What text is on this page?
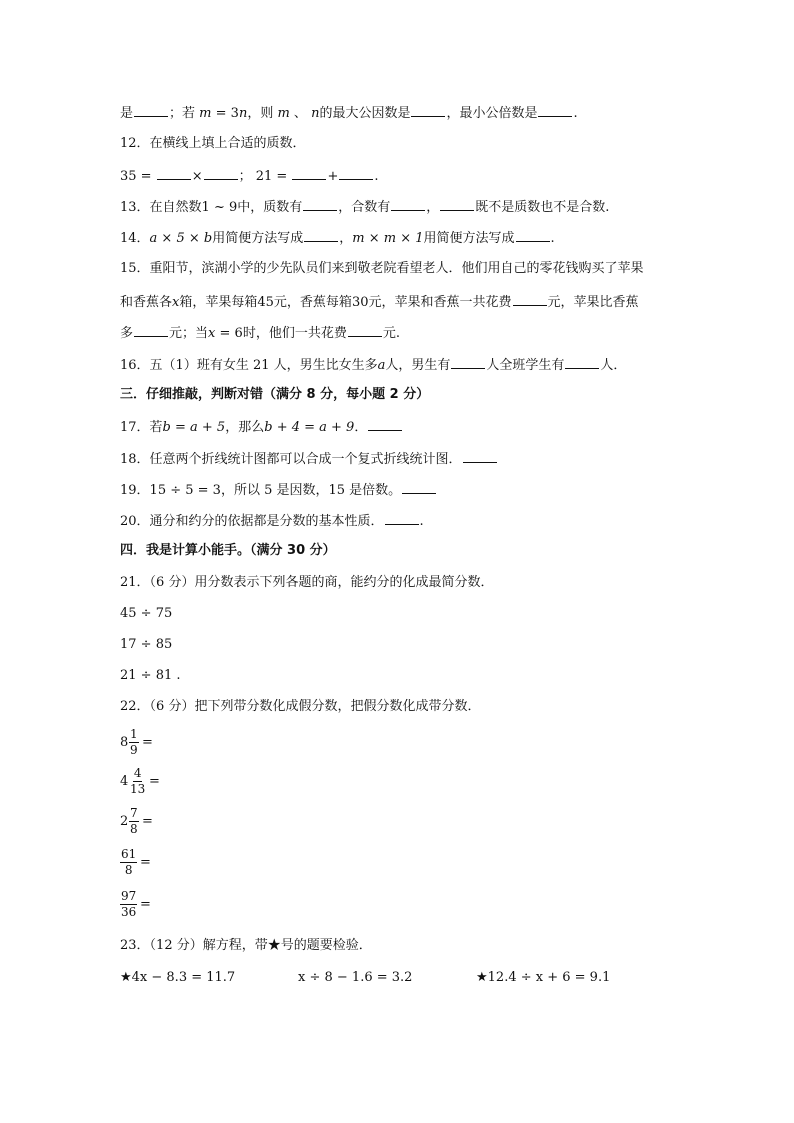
是	；若 m = 3n，则 m 、 n的最大公因数是	，最小公倍数是	.
12．在横线上填上合适的质数．
35 =	×	； 21 =	+	.
13．在自然数1 ~ 9中，质数有	，合数有	，	既不是质数也不是合数.
14．a × 5 × b用简便方法写成	，m × m × 1用简便方法写成	.
15．重阳节，滨湖小学的少先队员们来到敬老院看望老人．他们用自己的零花钱购买了苹果
和香蕉各x箱，苹果每箱45元，香蕉每箱30元，苹果和香蕉一共花费	元，苹果比香蕉
多	元；当x = 6时，他们一共花费	元.
16．五（1）班有女生 21 人，男生比女生多a人，男生有	人全班学生有	人．
三．仔细推敲，判断对错（满分 8 分，每小题 2 分）
17．若b = a + 5，那么b + 4 = a + 9．
18．任意两个折线统计图都可以合成一个复式折线统计图．
19．15 ÷ 5 = 3，所以 5 是因数，15 是倍数。
20．通分和约分的依据都是分数的基本性质．	.
四．我是计算小能手。（满分 30 分）
21．（6 分）用分数表示下列各题的商，能约分的化成最简分数．
45 ÷ 75
17 ÷ 85
21 ÷ 81 .
22．（6 分）把下列带分数化成假分数，把假分数化成带分数．
$8 \frac{1}{9}$ =
$4 \frac{4}{13}$ =
$2 \frac{7}{8}$ =
$\frac{61}{8}$ =
$\frac{97}{36}$ =
23．（12 分）解方程，带★号的题要检验．
★4x − 8.3 = 11.7	x ÷ 8 − 1.6 = 3.2	★12.4 ÷ x + 6 = 9.1
